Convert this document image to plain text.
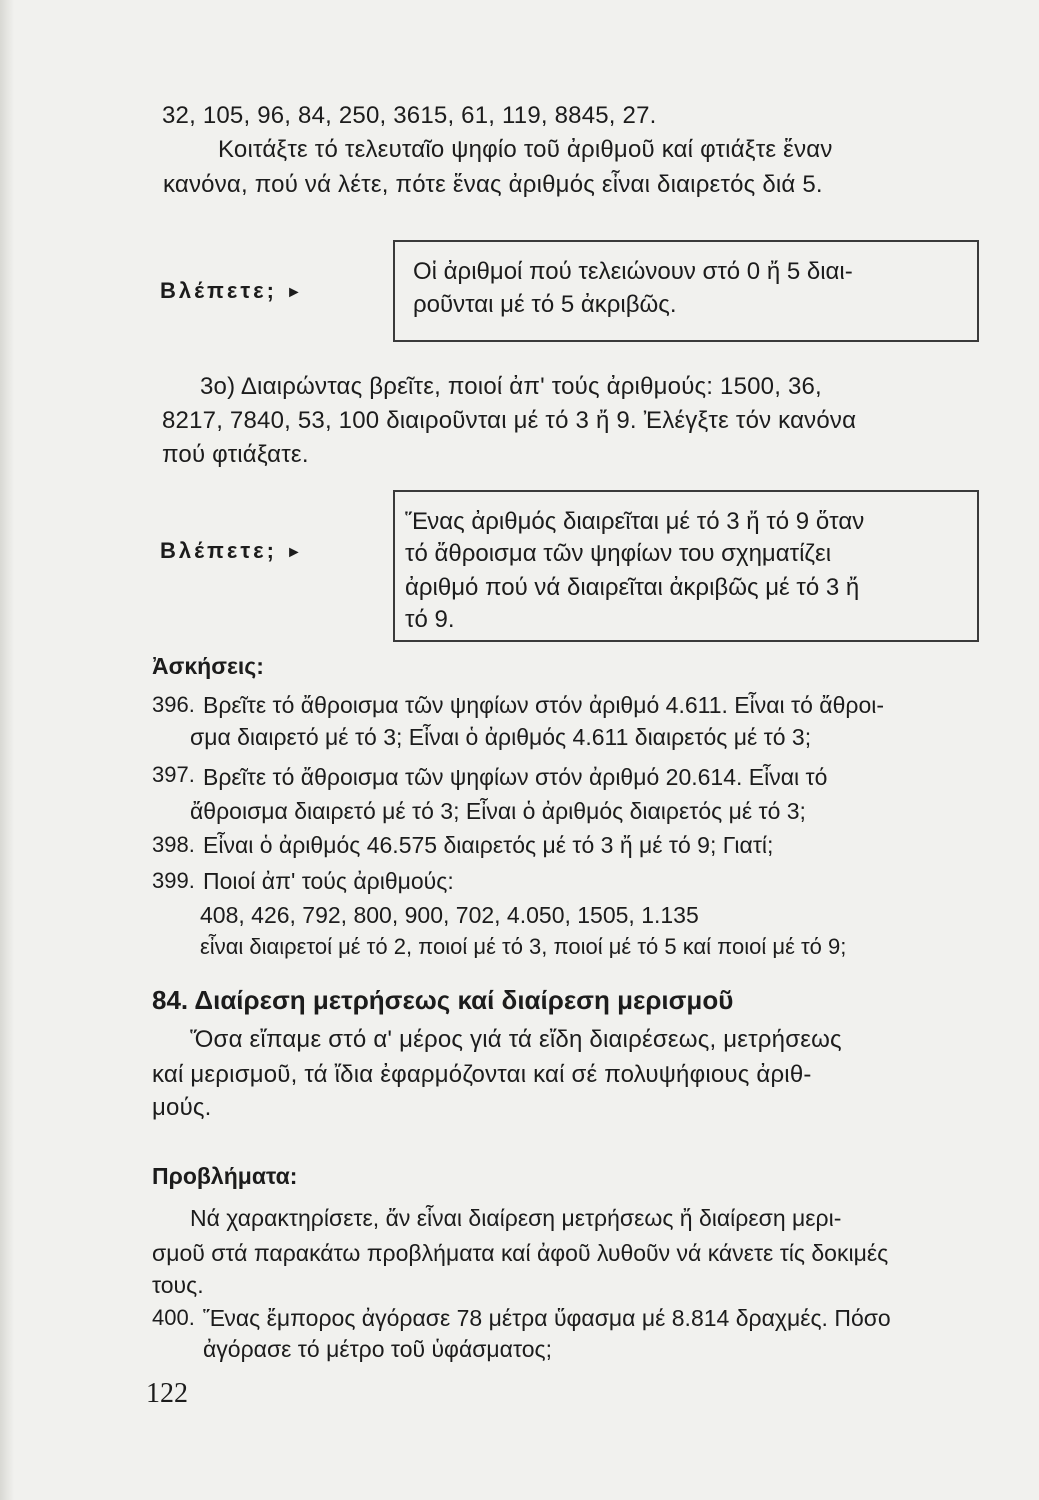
32, 105, 96, 84, 250, 3615, 61, 119, 8845, 27.
Κοιτάξτε τό τελευταῖο ψηφίο τοῦ ἀριθμοῦ καί φτιάξτε ἕναν
κανόνα, πού νά λέτε, πότε ἕνας ἀριθμός εἶναι διαιρετός διά 5.
Βλέπετε; ►
Οἱ ἀριθμοί πού τελειώνουν στό 0 ἤ 5 διαι-
ροῦνται μέ τό 5 ἀκριβῶς.
3ο) Διαιρώντας βρεῖτε, ποιοί ἀπ' τούς ἀριθμούς: 1500, 36,
8217, 7840, 53, 100 διαιροῦνται μέ τό 3 ἤ 9. Ἐλέγξτε τόν κανόνα
πού φτιάξατε.
Βλέπετε; ►
Ἕνας ἀριθμός διαιρεῖται μέ τό 3 ἤ τό 9 ὅταν
τό ἄθροισμα τῶν ψηφίων του σχηματίζει
ἀριθμό πού νά διαιρεῖται ἀκριβῶς μέ τό 3 ἤ
τό 9.
Ἀσκήσεις:
396. Βρεῖτε τό ἄθροισμα τῶν ψηφίων στόν ἀριθμό 4.611. Εἶναι τό ἄθροι-
σμα διαιρετό μέ τό 3; Εἶναι ὁ ἀριθμός 4.611 διαιρετός μέ τό 3;
397. Βρεῖτε τό ἄθροισμα τῶν ψηφίων στόν ἀριθμό 20.614. Εἶναι τό
ἄθροισμα διαιρετό μέ τό 3; Εἶναι ὁ ἀριθμός διαιρετός μέ τό 3;
398. Εἶναι ὁ ἀριθμός 46.575 διαιρετός μέ τό 3 ἤ μέ τό 9; Γιατί;
399. Ποιοί ἀπ' τούς ἀριθμούς:
408, 426, 792, 800, 900, 702, 4.050, 1505, 1.135
εἶναι διαιρετοί μέ τό 2, ποιοί μέ τό 3, ποιοί μέ τό 5 καί ποιοί μέ τό 9;
84. Διαίρεση μετρήσεως καί διαίρεση μερισμοῦ
Ὅσα εἴπαμε στό α' μέρος γιά τά εἴδη διαιρέσεως, μετρήσεως
καί μερισμοῦ, τά ἴδια ἐφαρμόζονται καί σέ πολυψήφιους ἀριθ-
μούς.
Προβλήματα:
Νά χαρακτηρίσετε, ἄν εἶναι διαίρεση μετρήσεως ἤ διαίρεση μερι-
σμοῦ στά παρακάτω προβλήματα καί ἀφοῦ λυθοῦν νά κάνετε τίς δοκιμές
τους.
400. Ἕνας ἔμπορος ἀγόρασε 78 μέτρα ὕφασμα μέ 8.814 δραχμές. Πόσο
ἀγόρασε τό μέτρο τοῦ ὑφάσματος;
122
